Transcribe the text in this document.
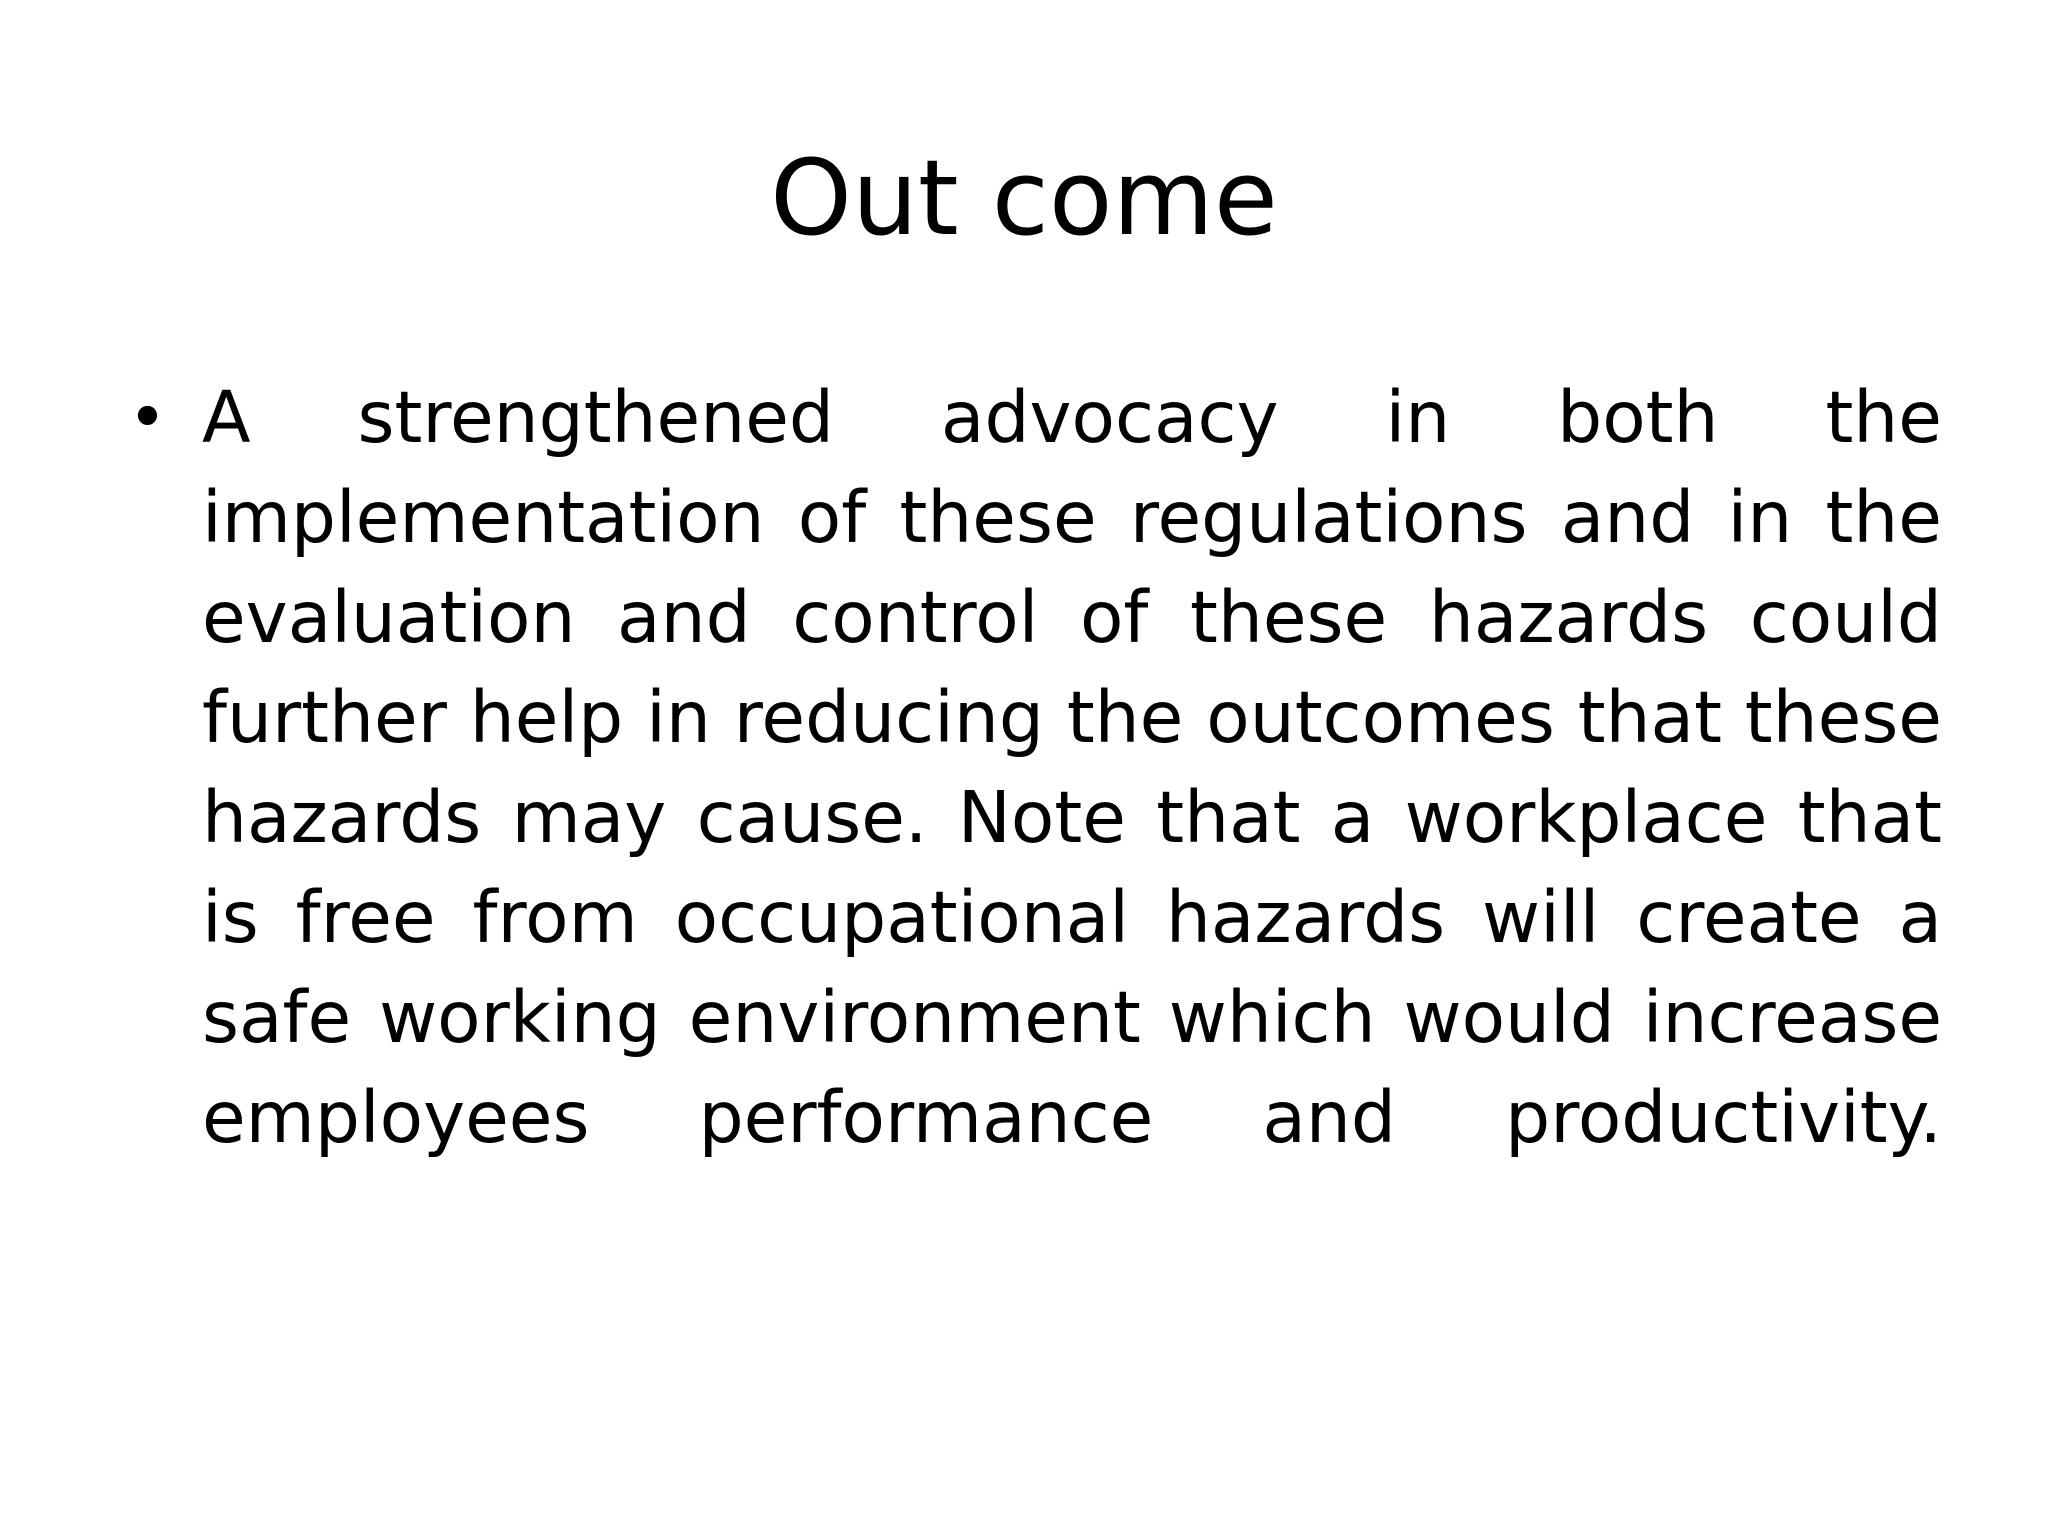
Out come
• A strengthened advocacy in both the implementation of these regulations and in the evaluation and control of these hazards could further help in reducing the outcomes that these hazards may cause. Note that a workplace that is free from occupational hazards will create a safe working environment which would increase employees performance and productivity.
